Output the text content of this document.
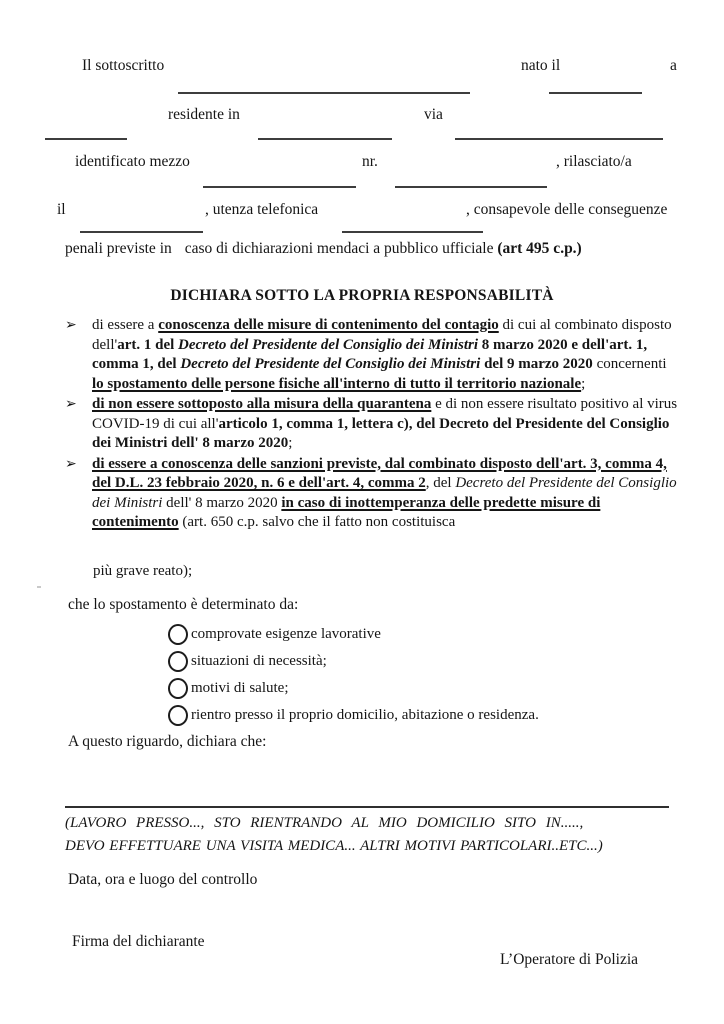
Il sottoscritto	nato il	a
residente in	via
identificato mezzo	nr.	, rilasciato/a
il	, utenza telefonica	, consapevole delle conseguenze
penali previste in caso di dichiarazioni mendaci a pubblico ufficiale (art 495 c.p.)
DICHIARA SOTTO LA PROPRIA RESPONSABILITÀ
➢	di essere a conoscenza delle misure di contenimento del contagio di cui al combinato disposto dell'art. 1 del Decreto del Presidente del Consiglio dei Ministri 8 marzo 2020 e dell'art. 1, comma 1, del Decreto del Presidente del Consiglio dei Ministri del 9 marzo 2020 concernenti lo spostamento delle persone fisiche all'interno di tutto il territorio nazionale;
➢	di non essere sottoposto alla misura della quarantena e di non essere risultato positivo al virus COVID-19 di cui all'articolo 1, comma 1, lettera c), del Decreto del Presidente del Consiglio dei Ministri dell' 8 marzo 2020;
➢	di essere a conoscenza delle sanzioni previste, dal combinato disposto dell'art. 3, comma 4, del D.L. 23 febbraio 2020, n. 6 e dell'art. 4, comma 2, del Decreto del Presidente del Consiglio dei Ministri dell' 8 marzo 2020 in caso di inottemperanza delle predette misure di contenimento (art. 650 c.p. salvo che il fatto non costituisca
più grave reato);
che lo spostamento è determinato da:
comprovate esigenze lavorative
situazioni di necessità;
motivi di salute;
rientro presso il proprio domicilio, abitazione o residenza.
A questo riguardo, dichiara che:
(LAVORO PRESSO..., STO RIENTRANDO AL MIO DOMICILIO SITO IN.....,
DEVO EFFETTUARE UNA VISITA MEDICA... ALTRI MOTIVI PARTICOLARI..ETC...)
Data, ora e luogo del controllo
Firma del dichiarante
L’Operatore di Polizia
